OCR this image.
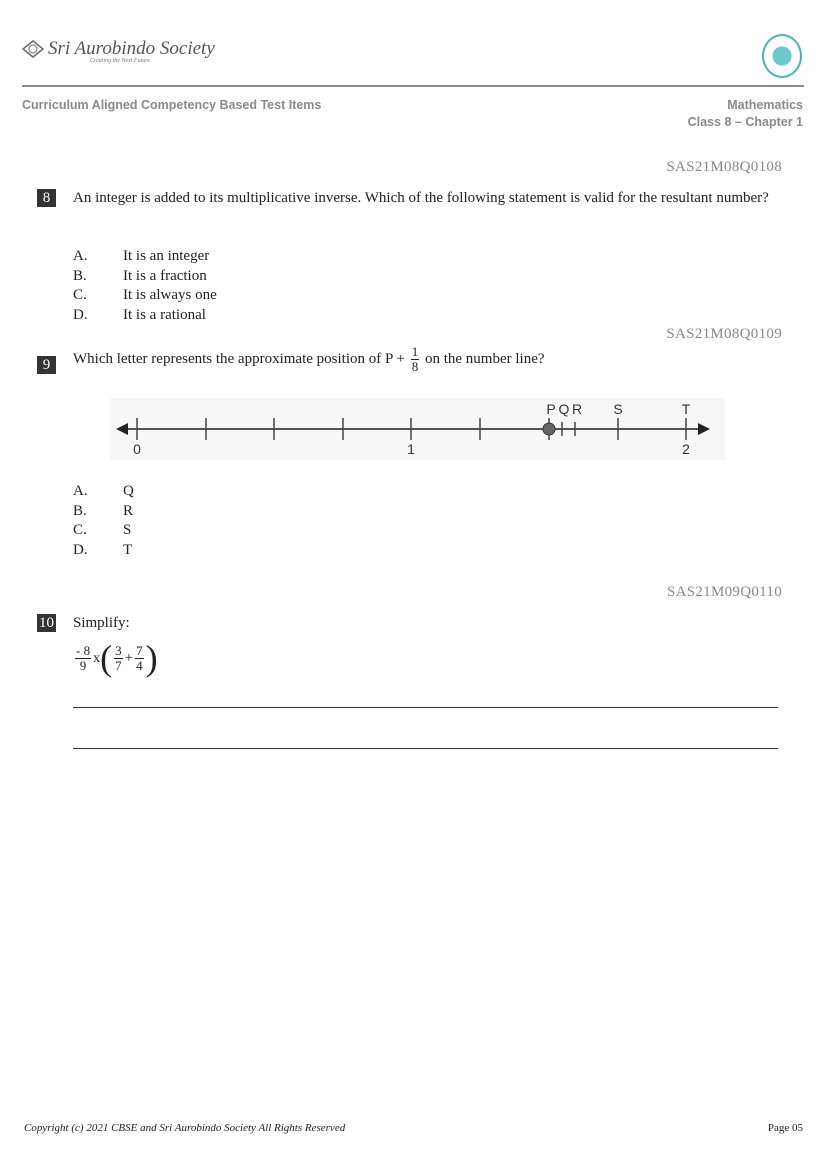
Sri Aurobindo Society
Creating the Next Future
Curriculum Aligned Competency Based Test Items	Mathematics
Class 8 – Chapter 1
SAS21M08Q0108
8	An integer is added to its multiplicative inverse. Which of the following statement is valid for the resultant number?
A.	It is an integer
B.	It is a fraction
C.	It is always one
D.	It is a rational
SAS21M08Q0109
9	Which letter represents the approximate position of $P + \frac{1}{8}$ on the number line?
0	1	2
P Q R S	T
A.	Q
B.	R
C.	S
D.	T
SAS21M09Q0110
10 Simplify:
$\frac{- 8}{9}$ x ( $\frac{3}{7} + \frac{7}{4}$ )
Copyright (c) 2021 CBSE and Sri Aurobindo Society All Rights Reserved	Page 05
